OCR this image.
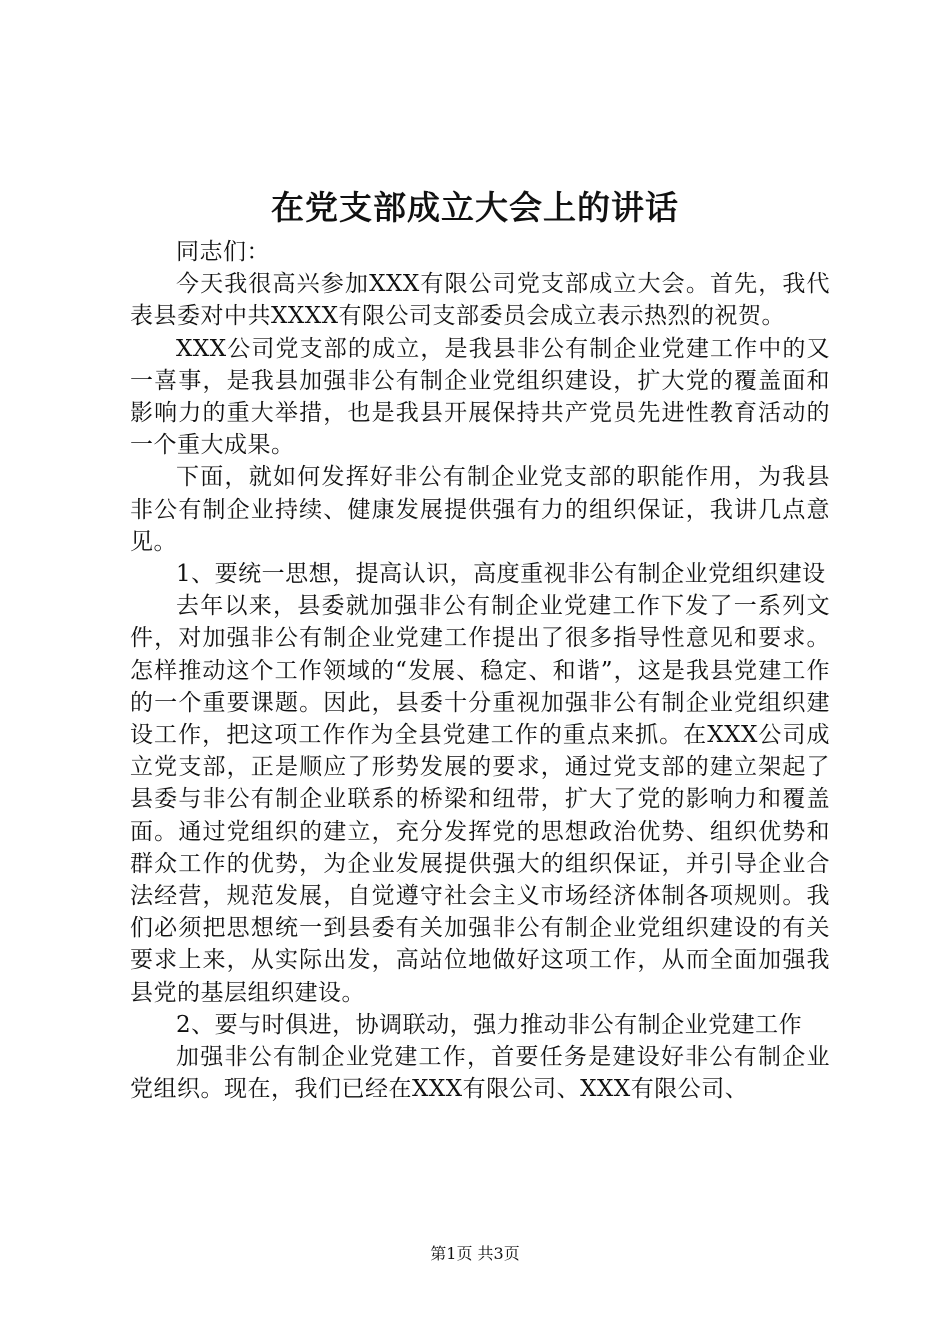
在党支部成立大会上的讲话

同志们：

今天我很高兴参加XXX有限公司党支部成立大会。首先，我代表县委对中共XXXX有限公司支部委员会成立表示热烈的祝贺。

XXX公司党支部的成立，是我县非公有制企业党建工作中的又一喜事，是我县加强非公有制企业党组织建设，扩大党的覆盖面和影响力的重大举措，也是我县开展保持共产党员先进性教育活动的一个重大成果。

下面，就如何发挥好非公有制企业党支部的职能作用，为我县非公有制企业持续、健康发展提供强有力的组织保证，我讲几点意见。

1、要统一思想，提高认识，高度重视非公有制企业党组织建设

去年以来，县委就加强非公有制企业党建工作下发了一系列文件，对加强非公有制企业党建工作提出了很多指导性意见和要求。怎样推动这个工作领域的“发展、稳定、和谐”，这是我县党建工作的一个重要课题。因此，县委十分重视加强非公有制企业党组织建设工作，把这项工作作为全县党建工作的重点来抓。在XXX公司成立党支部，正是顺应了形势发展的要求，通过党支部的建立架起了县委与非公有制企业联系的桥梁和纽带，扩大了党的影响力和覆盖面。通过党组织的建立，充分发挥党的思想政治优势、组织优势和群众工作的优势，为企业发展提供强大的组织保证，并引导企业合法经营，规范发展，自觉遵守社会主义市场经济体制各项规则。我们必须把思想统一到县委有关加强非公有制企业党组织建设的有关要求上来，从实际出发，高站位地做好这项工作，从而全面加强我县党的基层组织建设。

2、要与时俱进，协调联动，强力推动非公有制企业党建工作

加强非公有制企业党建工作，首要任务是建设好非公有制企业党组织。现在，我们已经在XXX有限公司、XXX有限公司、

第1页 共3页
